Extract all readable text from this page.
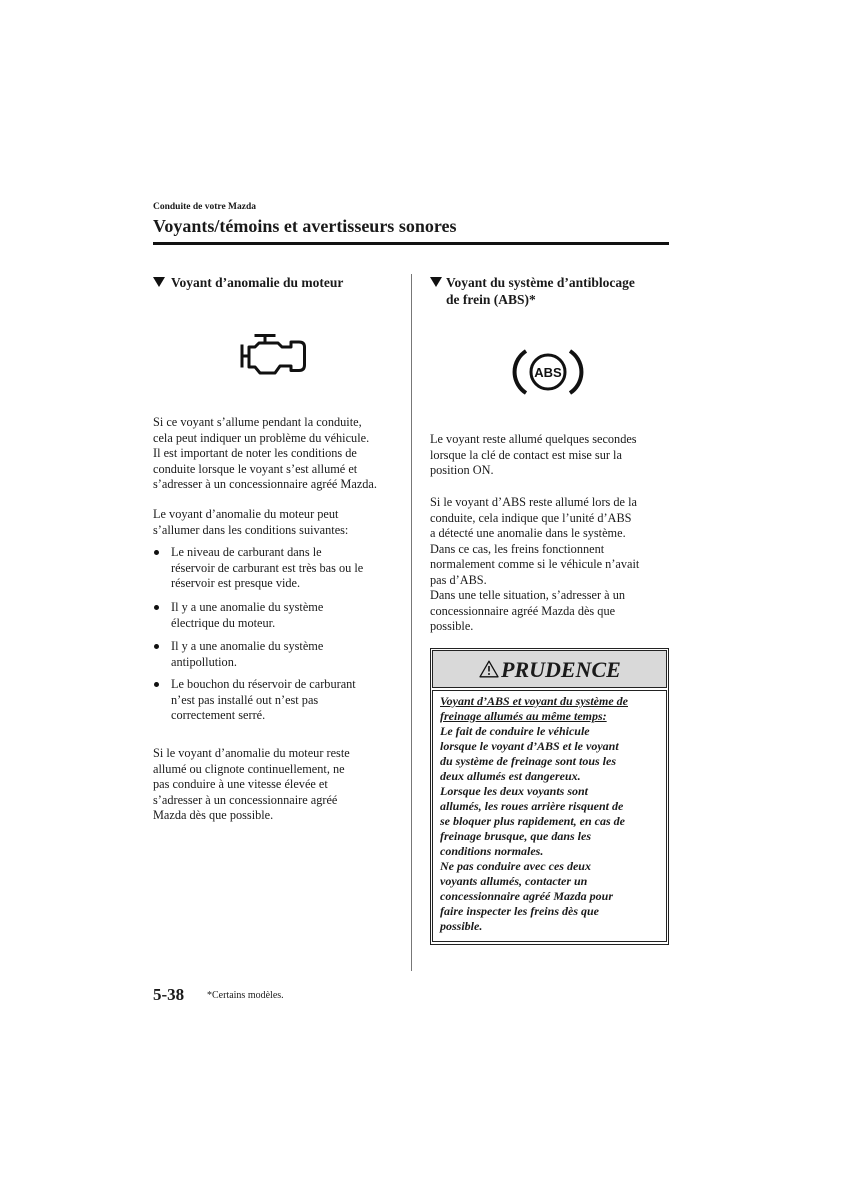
Conduite de votre Mazda
Voyants/témoins et avertisseurs sonores
Voyant d’anomalie du moteur
Si ce voyant s’allume pendant la conduite,
cela peut indiquer un problème du véhicule.
Il est important de noter les conditions de
conduite lorsque le voyant s’est allumé et
s’adresser à un concessionnaire agréé Mazda.
Le voyant d’anomalie du moteur peut
s’allumer dans les conditions suivantes:
Le niveau de carburant dans le
réservoir de carburant est très bas ou le
réservoir est presque vide.
Il y a une anomalie du système
électrique du moteur.
Il y a une anomalie du système
antipollution.
Le bouchon du réservoir de carburant
n’est pas installé out n’est pas
correctement serré.
Si le voyant d’anomalie du moteur reste
allumé ou clignote continuellement, ne
pas conduire à une vitesse élevée et
s’adresser à un concessionnaire agréé
Mazda dès que possible.
Voyant du système d’antiblocage
de frein (ABS)*
ABS
Le voyant reste allumé quelques secondes
lorsque la clé de contact est mise sur la
position ON.
Si le voyant d’ABS reste allumé lors de la
conduite, cela indique que l’unité d’ABS
a détecté une anomalie dans le système.
Dans ce cas, les freins fonctionnent
normalement comme si le véhicule n’avait
pas d’ABS.
Dans une telle situation, s’adresser à un
concessionnaire agréé Mazda dès que
possible.
PRUDENCE
Voyant d’ABS et voyant du système de
freinage allumés au même temps:
Le fait de conduire le véhicule
lorsque le voyant d’ABS et le voyant
du système de freinage sont tous les
deux allumés est dangereux.
Lorsque les deux voyants sont
allumés, les roues arrière risquent de
se bloquer plus rapidement, en cas de
freinage brusque, que dans les
conditions normales.
Ne pas conduire avec ces deux
voyants allumés, contacter un
concessionnaire agréé Mazda pour
faire inspecter les freins dès que
possible.
5-38 *Certains modèles.
